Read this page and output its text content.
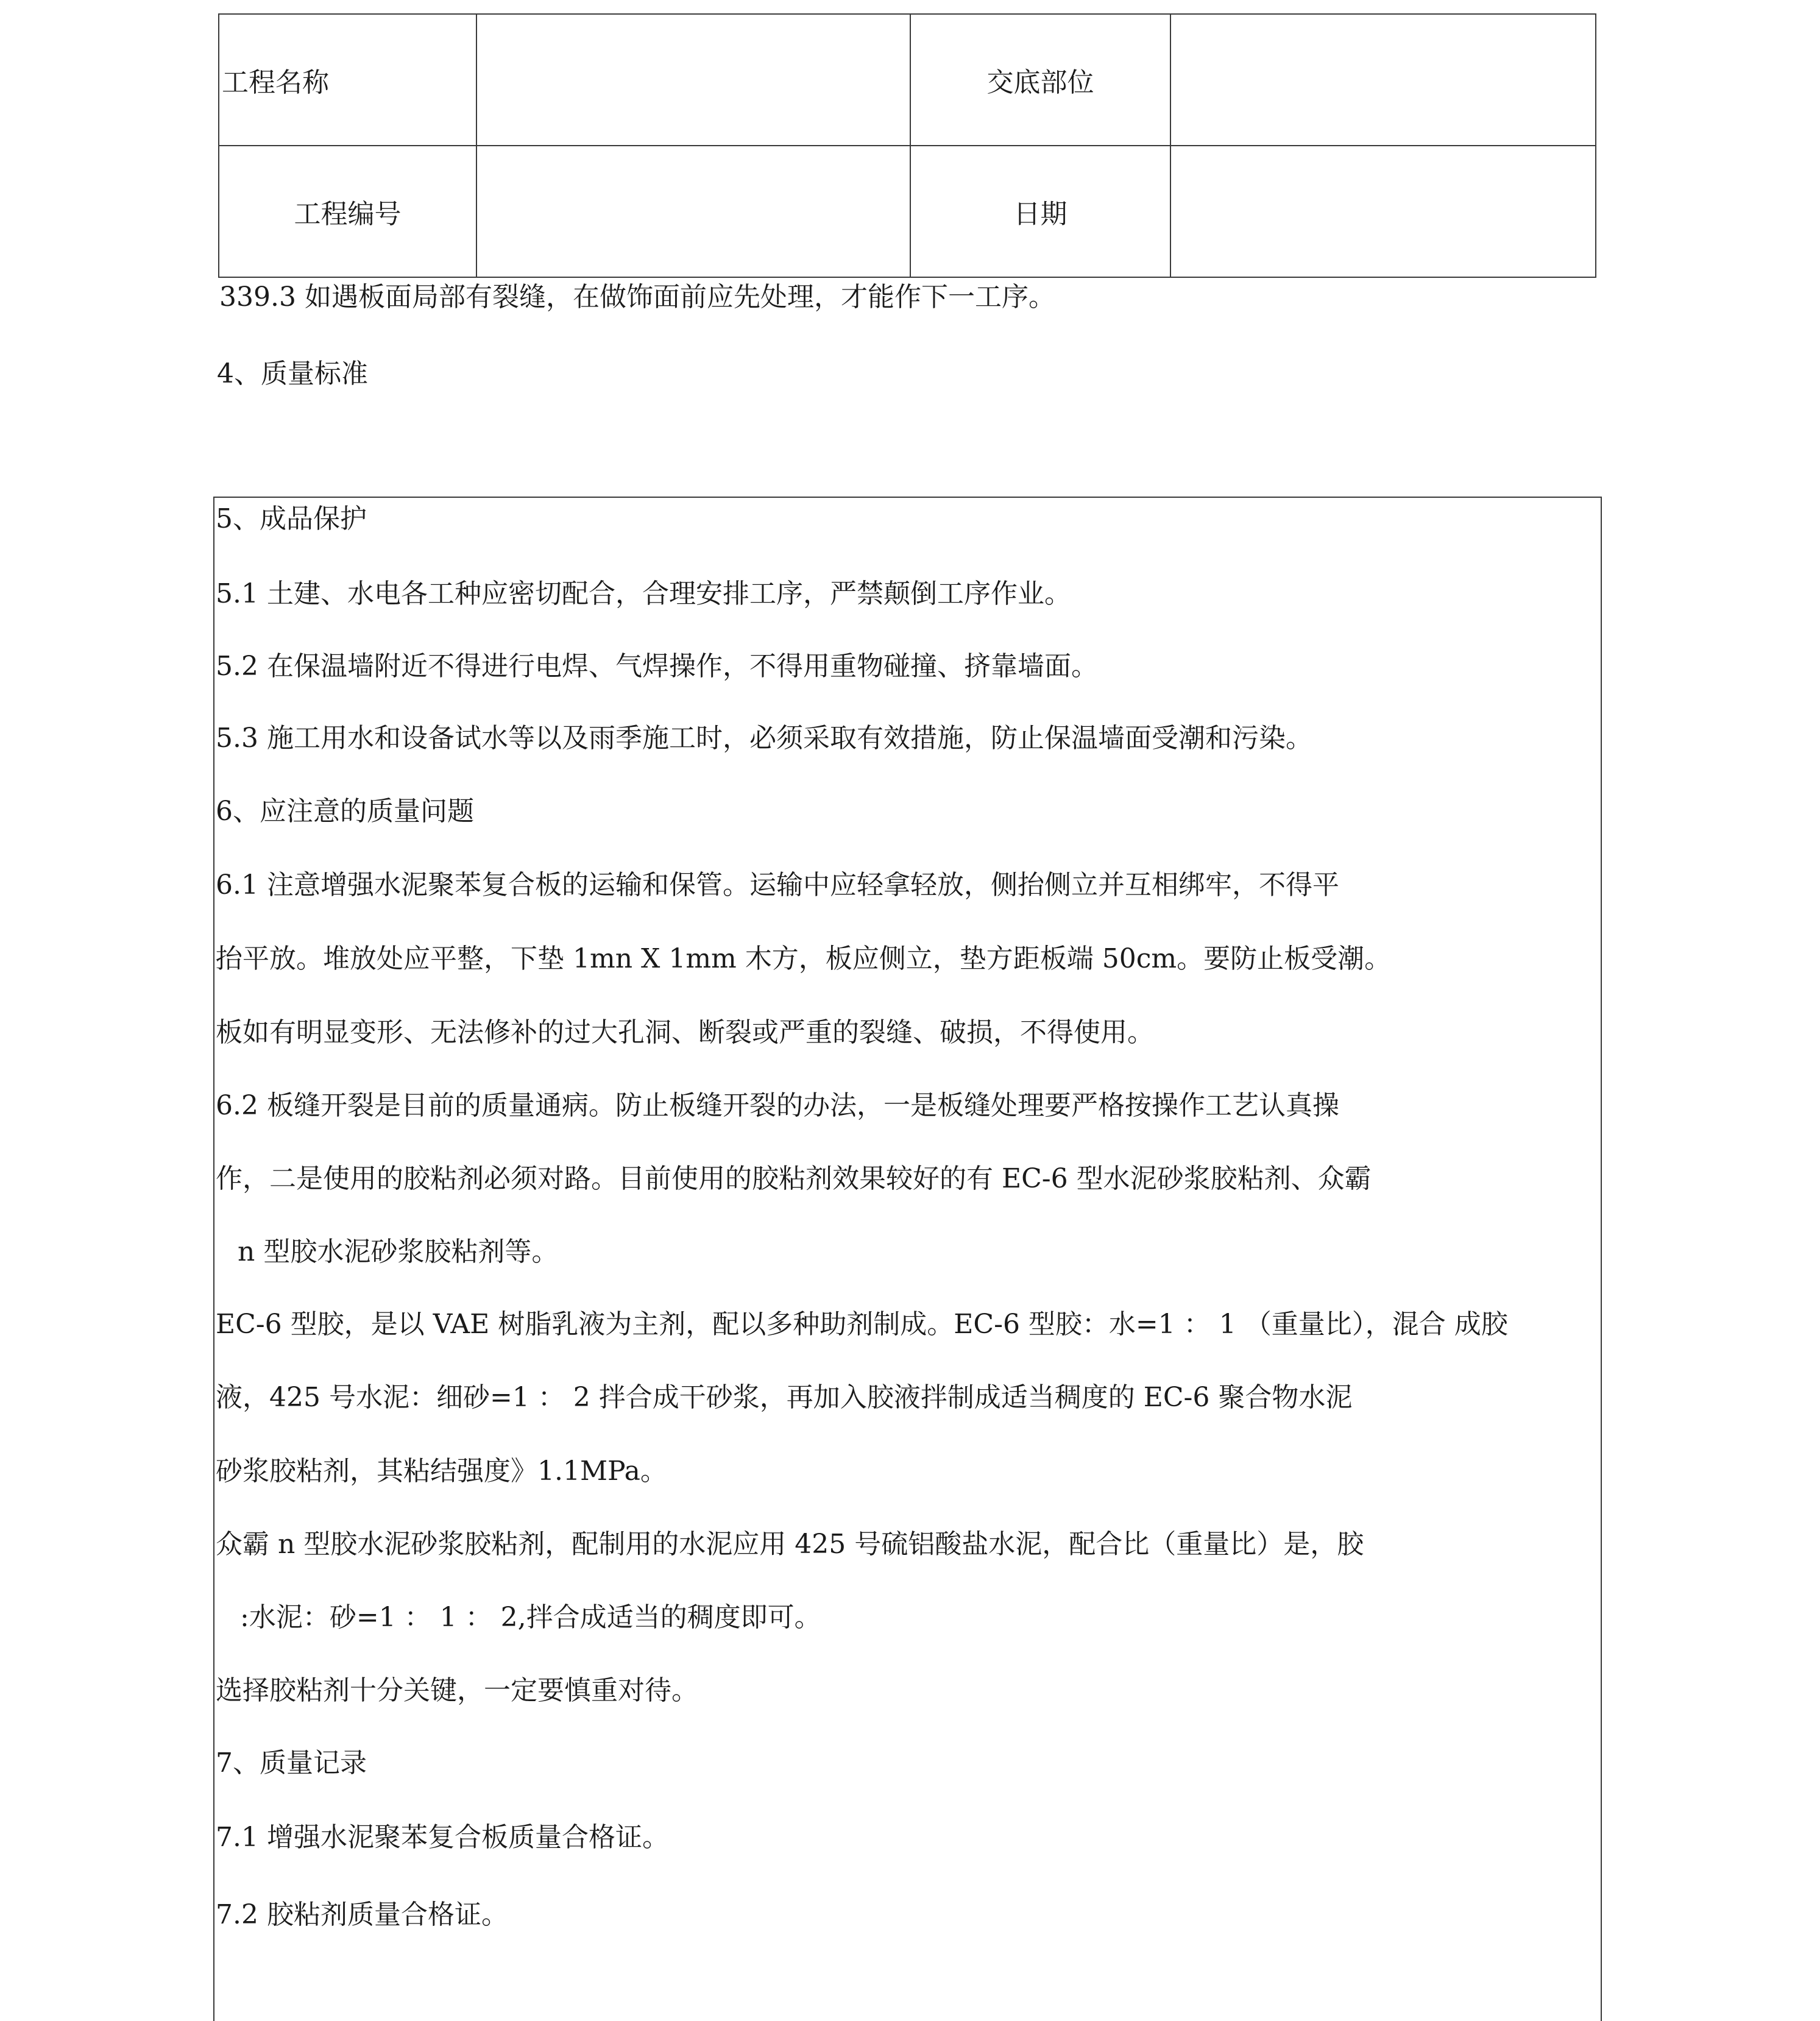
工程名称		交底部位	
工程编号		日期	
339.3 如遇板面局部有裂缝，在做饰面前应先处理，才能作下一工序。
4、质量标准
5、成品保护
5.1 土建、水电各工种应密切配合，合理安排工序，严禁颠倒工序作业。
5.2 在保温墙附近不得进行电焊、气焊操作，不得用重物碰撞、挤靠墙面。
5.3 施工用水和设备试水等以及雨季施工时，必须采取有效措施，防止保温墙面受潮和污染。
6、应注意的质量问题
6.1 注意增强水泥聚苯复合板的运输和保管。运输中应轻拿轻放，侧抬侧立并互相绑牢，不得平
抬平放。堆放处应平整，下垫 1mn X 1mm 木方，板应侧立，垫方距板端 50cm。要防止板受潮。
板如有明显变形、无法修补的过大孔洞、断裂或严重的裂缝、破损，不得使用。
6.2 板缝开裂是目前的质量通病。防止板缝开裂的办法，一是板缝处理要严格按操作工艺认真操
作，二是使用的胶粘剂必须对路。目前使用的胶粘剂效果较好的有 EC-6 型水泥砂浆胶粘剂、众霸
n 型胶水泥砂浆胶粘剂等。
EC-6 型胶，是以 VAE 树脂乳液为主剂，配以多种助剂制成。EC-6 型胶：水=1 ： 1 （重量比），混合 成胶
液，425 号水泥：细砂=1 ： 2 拌合成干砂浆，再加入胶液拌制成适当稠度的 EC-6 聚合物水泥
砂浆胶粘剂，其粘结强度》1.1MPa。
众霸 n 型胶水泥砂浆胶粘剂，配制用的水泥应用 425 号硫铝酸盐水泥，配合比（重量比）是，胶
:水泥：砂=1 ： 1 ： 2,拌合成适当的稠度即可。
选择胶粘剂十分关键，一定要慎重对待。
7、质量记录
7.1 增强水泥聚苯复合板质量合格证。
7.2 胶粘剂质量合格证。
